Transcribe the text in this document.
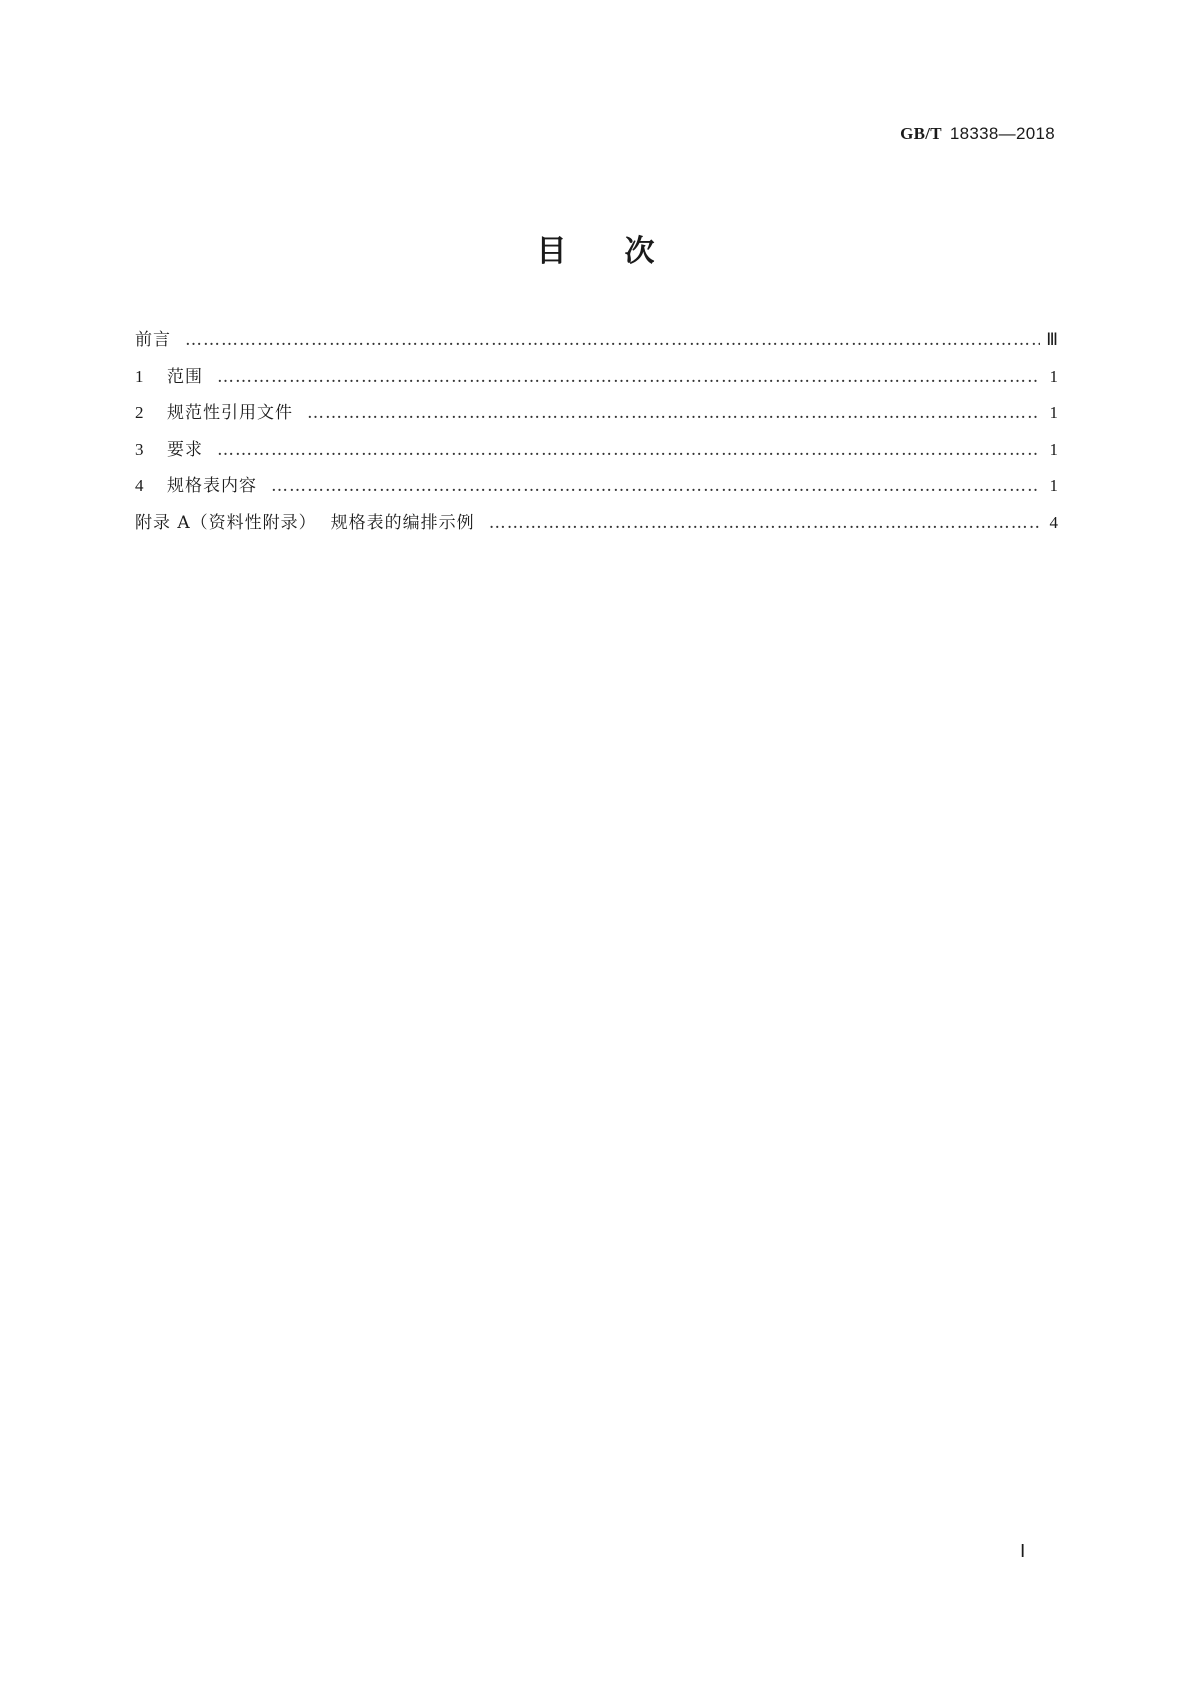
GB/T 18338—2018
目次
前言 ………………………………………………………………………………………………………………………………………………………………………………………………………………	Ⅲ
1	范围 ………………………………………………………………………………………………………………………………………………………………………………………………………………	1
2	规范性引用文件 ………………………………………………………………………………………………………………………………………………………………………………………………………………	1
3	要求 ………………………………………………………………………………………………………………………………………………………………………………………………………………	1
4	规格表内容 ………………………………………………………………………………………………………………………………………………………………………………………………………………	1
附录 A（资料性附录） 规格表的编排示例 ………………………………………………………………………………………………………………………………………………………………………………………………………………	4
Ⅰ
